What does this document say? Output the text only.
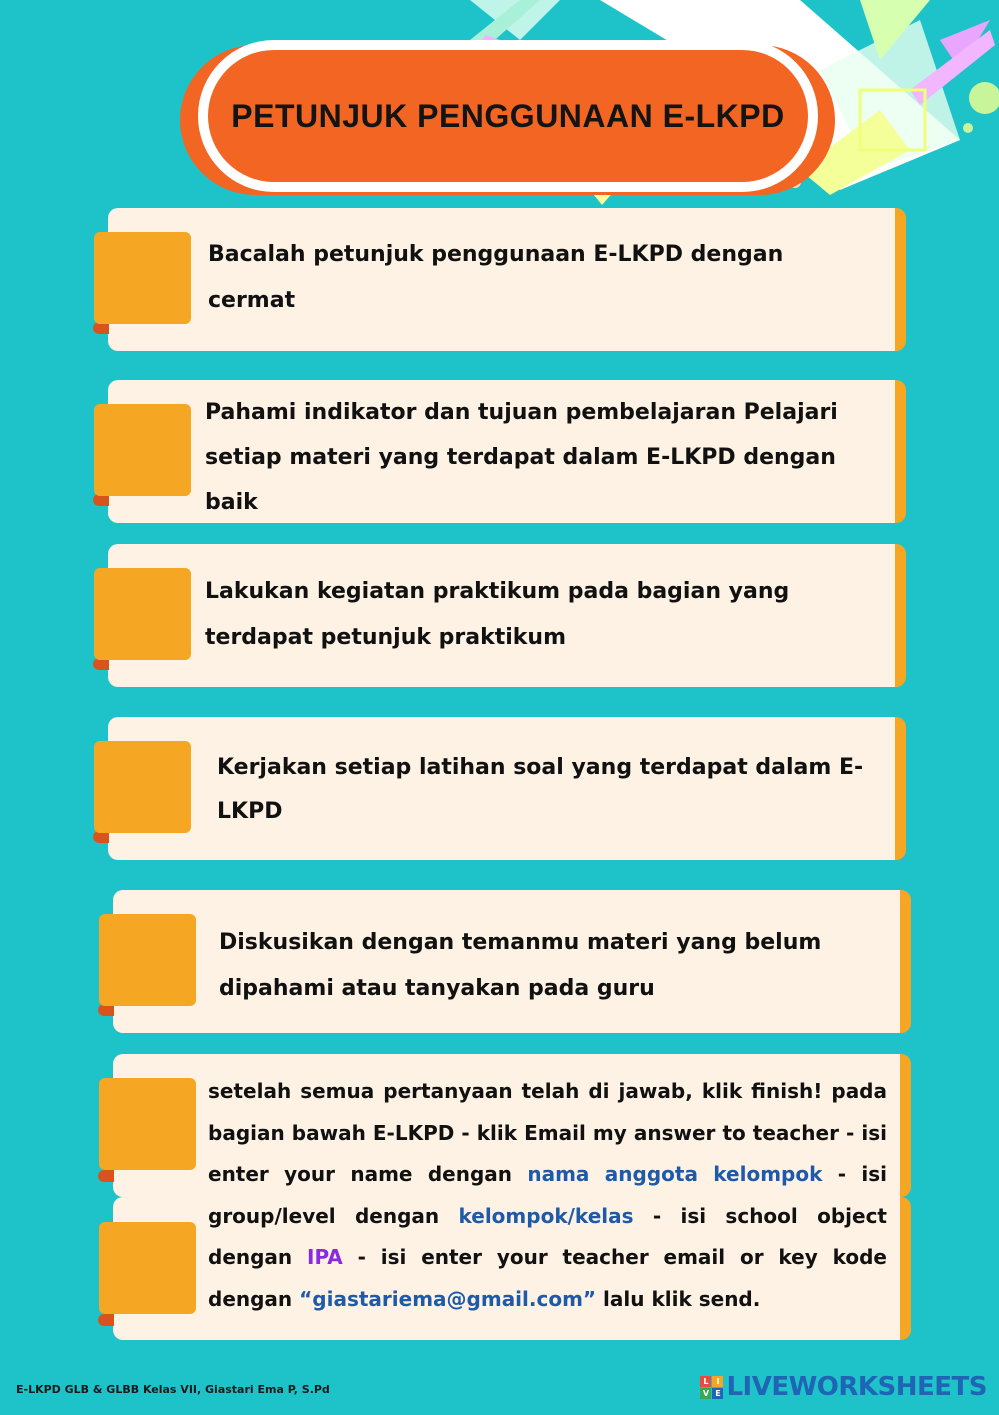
PETUNJUK PENGGUNAAN E-LKPD

Bacalah petunjuk penggunaan E-LKPD dengan cermat

Pahami indikator dan tujuan pembelajaran Pelajari setiap materi yang terdapat dalam E-LKPD dengan baik

Lakukan kegiatan praktikum pada bagian yang terdapat petunjuk praktikum

Kerjakan setiap latihan soal yang terdapat dalam E-LKPD

Diskusikan dengan temanmu materi yang belum dipahami atau tanyakan pada guru

setelah semua pertanyaan telah di jawab, klik finish! pada bagian bawah E-LKPD - klik Email my answer to teacher - isi enter your name dengan nama anggota kelompok - isi group/level dengan kelompok/kelas - isi school object dengan IPA - isi enter your teacher email or key kode dengan “giastariema@gmail.com” lalu klik send.

E-LKPD GLB & GLBB Kelas VII, Giastari Ema P, S.Pd
L I
V E LIVEWORKSHEETS
